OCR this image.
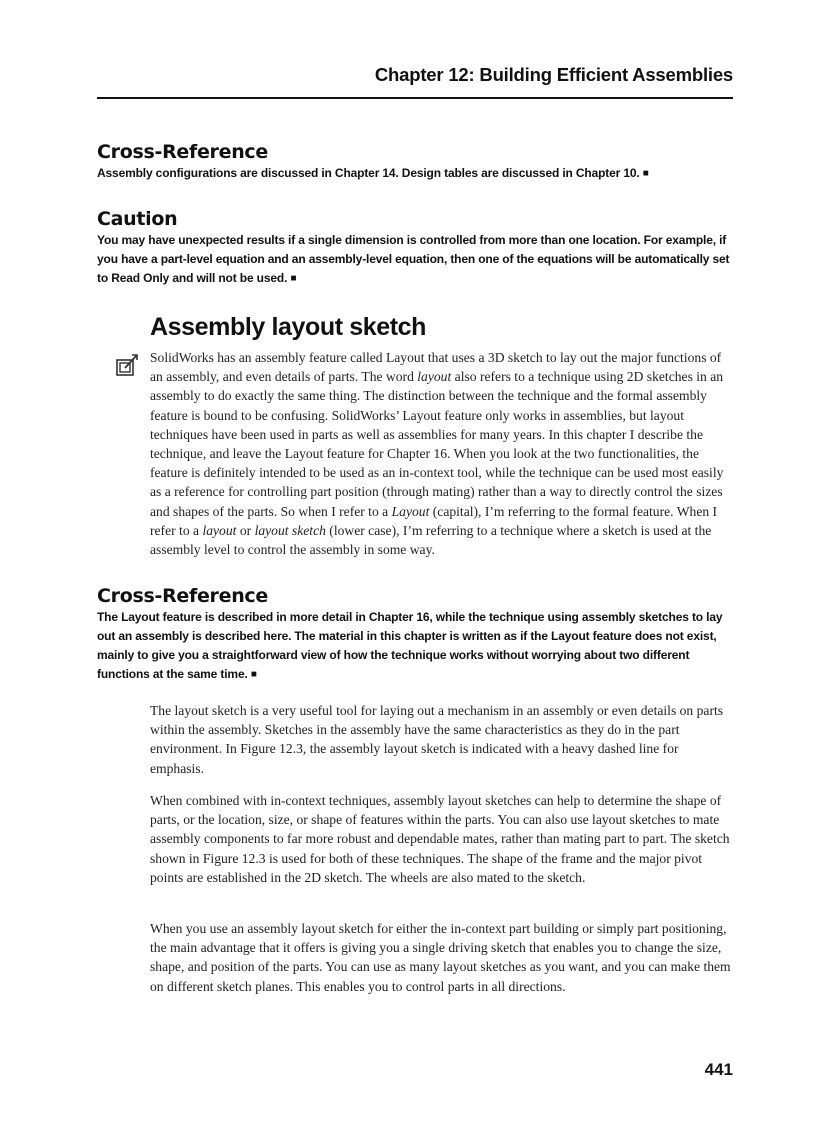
Chapter 12: Building Efficient Assemblies
Cross-Reference
Assembly configurations are discussed in Chapter 14. Design tables are discussed in Chapter 10. ■
Caution
You may have unexpected results if a single dimension is controlled from more than one location. For example, if you have a part-level equation and an assembly-level equation, then one of the equations will be automatically set to Read Only and will not be used. ■
Assembly layout sketch

SolidWorks has an assembly feature called Layout that uses a 3D sketch to lay out the major functions of an assembly, and even details of parts. The word layout also refers to a technique using 2D sketches in an assembly to do exactly the same thing. The distinction between the technique and the formal assembly feature is bound to be confusing. SolidWorks’ Layout feature only works in assemblies, but layout techniques have been used in parts as well as assemblies for many years. In this chapter I describe the technique, and leave the Layout feature for Chapter 16. When you look at the two functionalities, the feature is definitely intended to be used as an in-context tool, while the technique can be used most easily as a reference for controlling part position (through mating) rather than a way to directly control the sizes and shapes of the parts. So when I refer to a Layout (capital), I’m referring to the formal feature. When I refer to a layout or layout sketch (lower case), I’m referring to a technique where a sketch is used at the assembly level to control the assembly in some way.

Cross-Reference
The Layout feature is described in more detail in Chapter 16, while the technique using assembly sketches to lay out an assembly is described here. The material in this chapter is written as if the Layout feature does not exist, mainly to give you a straightforward view of how the technique works without worrying about two different functions at the same time. ■

The layout sketch is a very useful tool for laying out a mechanism in an assembly or even details on parts within the assembly. Sketches in the assembly have the same characteristics as they do in the part environment. In Figure 12.3, the assembly layout sketch is indicated with a heavy dashed line for emphasis.

When combined with in-context techniques, assembly layout sketches can help to determine the shape of parts, or the location, size, or shape of features within the parts. You can also use layout sketches to mate assembly components to far more robust and dependable mates, rather than mating part to part. The sketch shown in Figure 12.3 is used for both of these techniques. The shape of the frame and the major pivot points are established in the 2D sketch. The wheels are also mated to the sketch.

When you use an assembly layout sketch for either the in-context part building or simply part positioning, the main advantage that it offers is giving you a single driving sketch that enables you to change the size, shape, and position of the parts. You can use as many layout sketches as you want, and you can make them on different sketch planes. This enables you to control parts in all directions.

441
